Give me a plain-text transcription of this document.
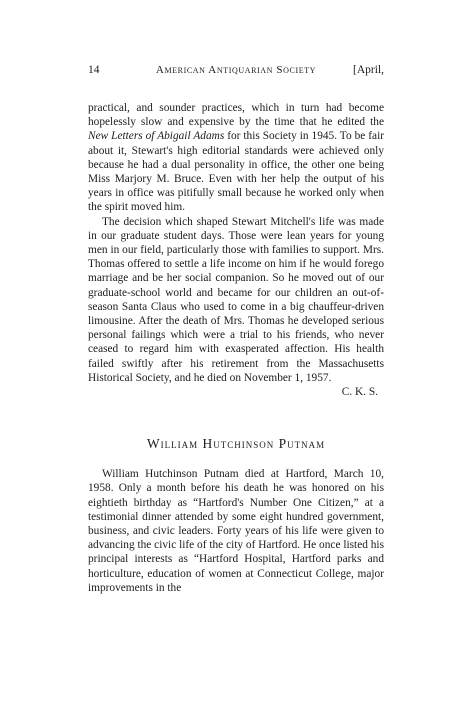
14	American Antiquarian Society	[April,

practical, and sounder practices, which in turn had become hopelessly slow and expensive by the time that he edited the New Letters of Abigail Adams for this Society in 1945. To be fair about it, Stewart's high editorial standards were achieved only because he had a dual personality in office, the other one being Miss Marjory M. Bruce. Even with her help the output of his years in office was pitifully small because he worked only when the spirit moved him.

The decision which shaped Stewart Mitchell's life was made in our graduate student days. Those were lean years for young men in our field, particularly those with families to support. Mrs. Thomas offered to settle a life income on him if he would forego marriage and be her social companion. So he moved out of our graduate-school world and became for our children an out-of-season Santa Claus who used to come in a big chauffeur-driven limousine. After the death of Mrs. Thomas he developed serious personal failings which were a trial to his friends, who never ceased to regard him with exasperated affection. His health failed swiftly after his retirement from the Massachusetts Historical Society, and he died on November 1, 1957.
C. K. S.

William Hutchinson Putnam

William Hutchinson Putnam died at Hartford, March 10, 1958. Only a month before his death he was honored on his eightieth birthday as “Hartford's Number One Citizen,” at a testimonial dinner attended by some eight hundred government, business, and civic leaders. Forty years of his life were given to advancing the civic life of the city of Hartford. He once listed his principal interests as “Hartford Hospital, Hartford parks and horticulture, education of women at Connecticut College, major improvements in the
